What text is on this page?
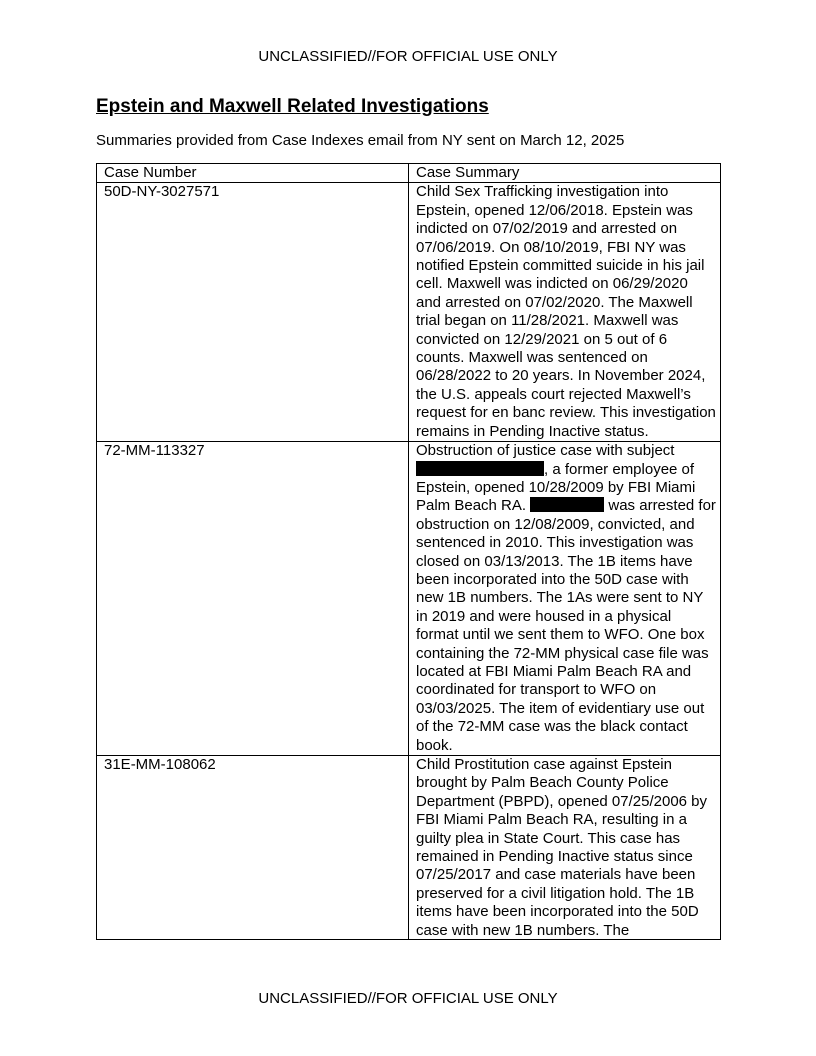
UNCLASSIFIED//FOR OFFICIAL USE ONLY
Epstein and Maxwell Related Investigations
Summaries provided from Case Indexes email from NY sent on March 12, 2025
Case Number	Case Summary
50D-NY-3027571	Child Sex Trafficking investigation into Epstein, opened 12/06/2018. Epstein was indicted on 07/02/2019 and arrested on 07/06/2019. On 08/10/2019, FBI NY was notified Epstein committed suicide in his jail cell. Maxwell was indicted on 06/29/2020 and arrested on 07/02/2020. The Maxwell trial began on 11/28/2021. Maxwell was convicted on 12/29/2021 on 5 out of 6 counts. Maxwell was sentenced on 06/28/2022 to 20 years. In November 2024, the U.S. appeals court rejected Maxwell’s request for en banc review. This investigation remains in Pending Inactive status.
72-MM-113327	Obstruction of justice case with subject , a former employee of Epstein, opened 10/28/2009 by FBI Miami Palm Beach RA. was arrested for obstruction on 12/08/2009, convicted, and sentenced in 2010. This investigation was closed on 03/13/2013. The 1B items have been incorporated into the 50D case with new 1B numbers. The 1As were sent to NY in 2019 and were housed in a physical format until we sent them to WFO. One box containing the 72-MM physical case file was located at FBI Miami Palm Beach RA and coordinated for transport to WFO on 03/03/2025. The item of evidentiary use out of the 72-MM case was the black contact book.
31E-MM-108062	Child Prostitution case against Epstein brought by Palm Beach County Police Department (PBPD), opened 07/25/2006 by FBI Miami Palm Beach RA, resulting in a guilty plea in State Court. This case has remained in Pending Inactive status since 07/25/2017 and case materials have been preserved for a civil litigation hold. The 1B items have been incorporated into the 50D case with new 1B numbers. The
UNCLASSIFIED//FOR OFFICIAL USE ONLY
